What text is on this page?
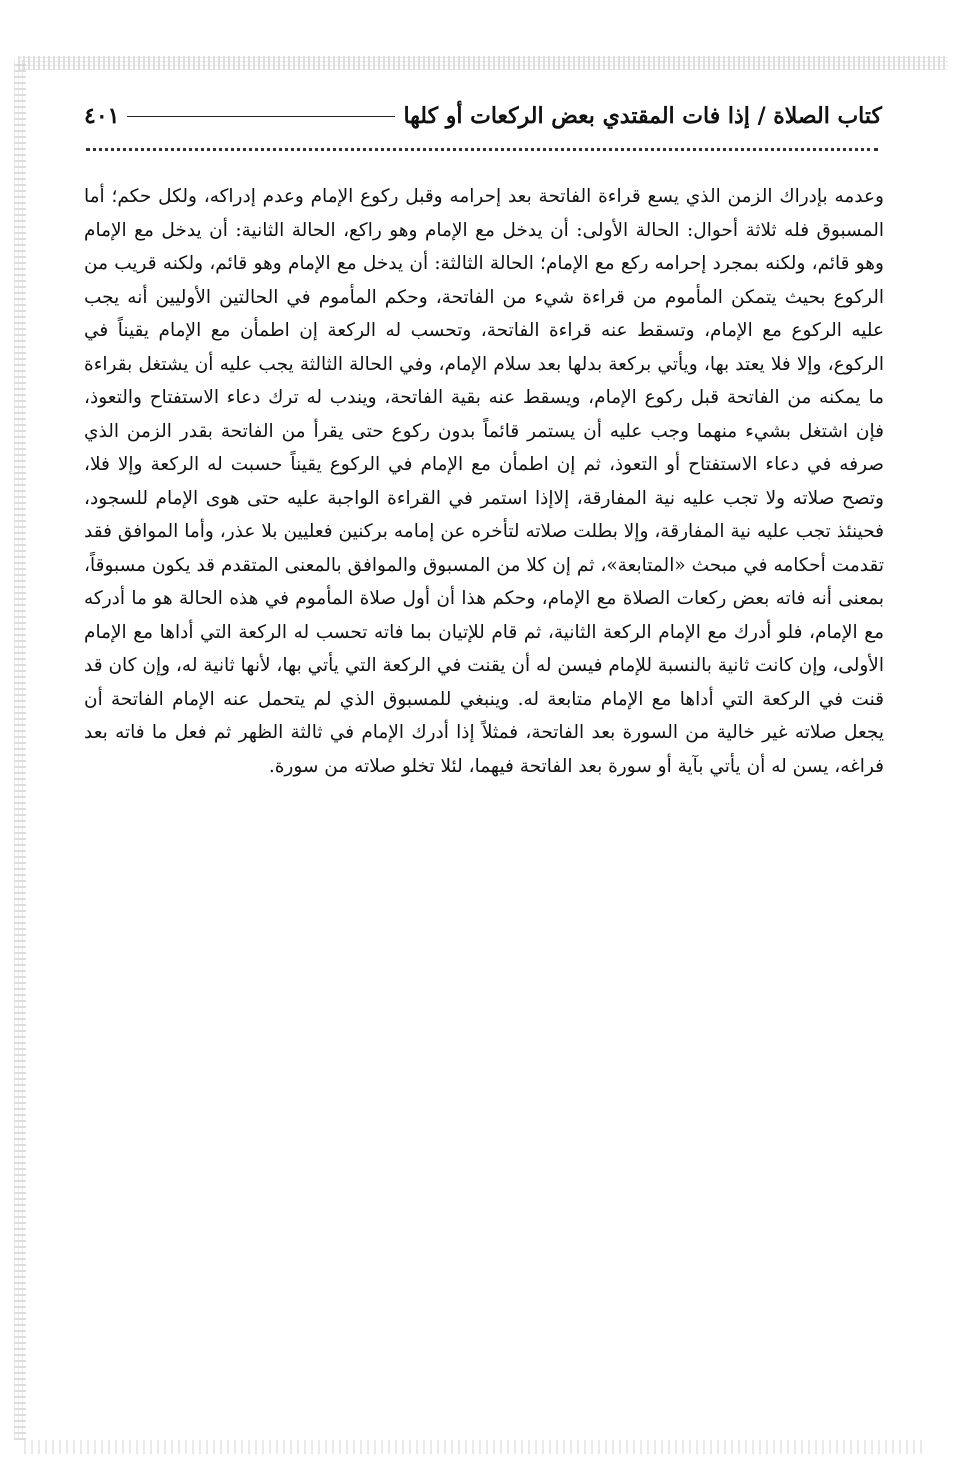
٤٠١	كتاب الصلاة / إذا فات المقتدي بعض الركعات أو كلها

وعدمه بإدراك الزمن الذي يسع قراءة الفاتحة بعد إحرامه وقبل ركوع الإمام وعدم إدراكه، ولكل حكم؛ أما المسبوق فله ثلاثة أحوال: الحالة الأولى: أن يدخل مع الإمام وهو راكع، الحالة الثانية: أن يدخل مع الإمام وهو قائم، ولكنه بمجرد إحرامه ركع مع الإمام؛ الحالة الثالثة: أن يدخل مع الإمام وهو قائم، ولكنه قريب من الركوع بحيث يتمكن المأموم من قراءة شيء من الفاتحة، وحكم المأموم في الحالتين الأوليين أنه يجب عليه الركوع مع الإمام، وتسقط عنه قراءة الفاتحة، وتحسب له الركعة إن اطمأن مع الإمام يقيناً في الركوع، وإلا فلا يعتد بها، ويأتي بركعة بدلها بعد سلام الإمام، وفي الحالة الثالثة يجب عليه أن يشتغل بقراءة ما يمكنه من الفاتحة قبل ركوع الإمام، ويسقط عنه بقية الفاتحة، ويندب له ترك دعاء الاستفتاح والتعوذ، فإن اشتغل بشيء منهما وجب عليه أن يستمر قائماً بدون ركوع حتى يقرأ من الفاتحة بقدر الزمن الذي صرفه في دعاء الاستفتاح أو التعوذ، ثم إن اطمأن مع الإمام في الركوع يقيناً حسبت له الركعة وإلا فلا، وتصح صلاته ولا تجب عليه نية المفارقة، إلاإذا استمر في القراءة الواجبة عليه حتى هوى الإمام للسجود، فحينئذ تجب عليه نية المفارقة، وإلا بطلت صلاته لتأخره عن إمامه بركنين فعليين بلا عذر، وأما الموافق فقد تقدمت أحكامه في مبحث «المتابعة»، ثم إن كلا من المسبوق والموافق بالمعنى المتقدم قد يكون مسبوقاً، بمعنى أنه فاته بعض ركعات الصلاة مع الإمام، وحكم هذا أن أول صلاة المأموم في هذه الحالة هو ما أدركه مع الإمام، فلو أدرك مع الإمام الركعة الثانية، ثم قام للإتيان بما فاته تحسب له الركعة التي أداها مع الإمام الأولى، وإن كانت ثانية بالنسبة للإمام فيسن له أن يقنت في الركعة التي يأتي بها، لأنها ثانية له، وإن كان قد قنت في الركعة التي أداها مع الإمام متابعة له. وينبغي للمسبوق الذي لم يتحمل عنه الإمام الفاتحة أن يجعل صلاته غير خالية من السورة بعد الفاتحة، فمثلاً إذا أدرك الإمام في ثالثة الظهر ثم فعل ما فاته بعد فراغه، يسن له أن يأتي بآية أو سورة بعد الفاتحة فيهما، لئلا تخلو صلاته من سورة.
